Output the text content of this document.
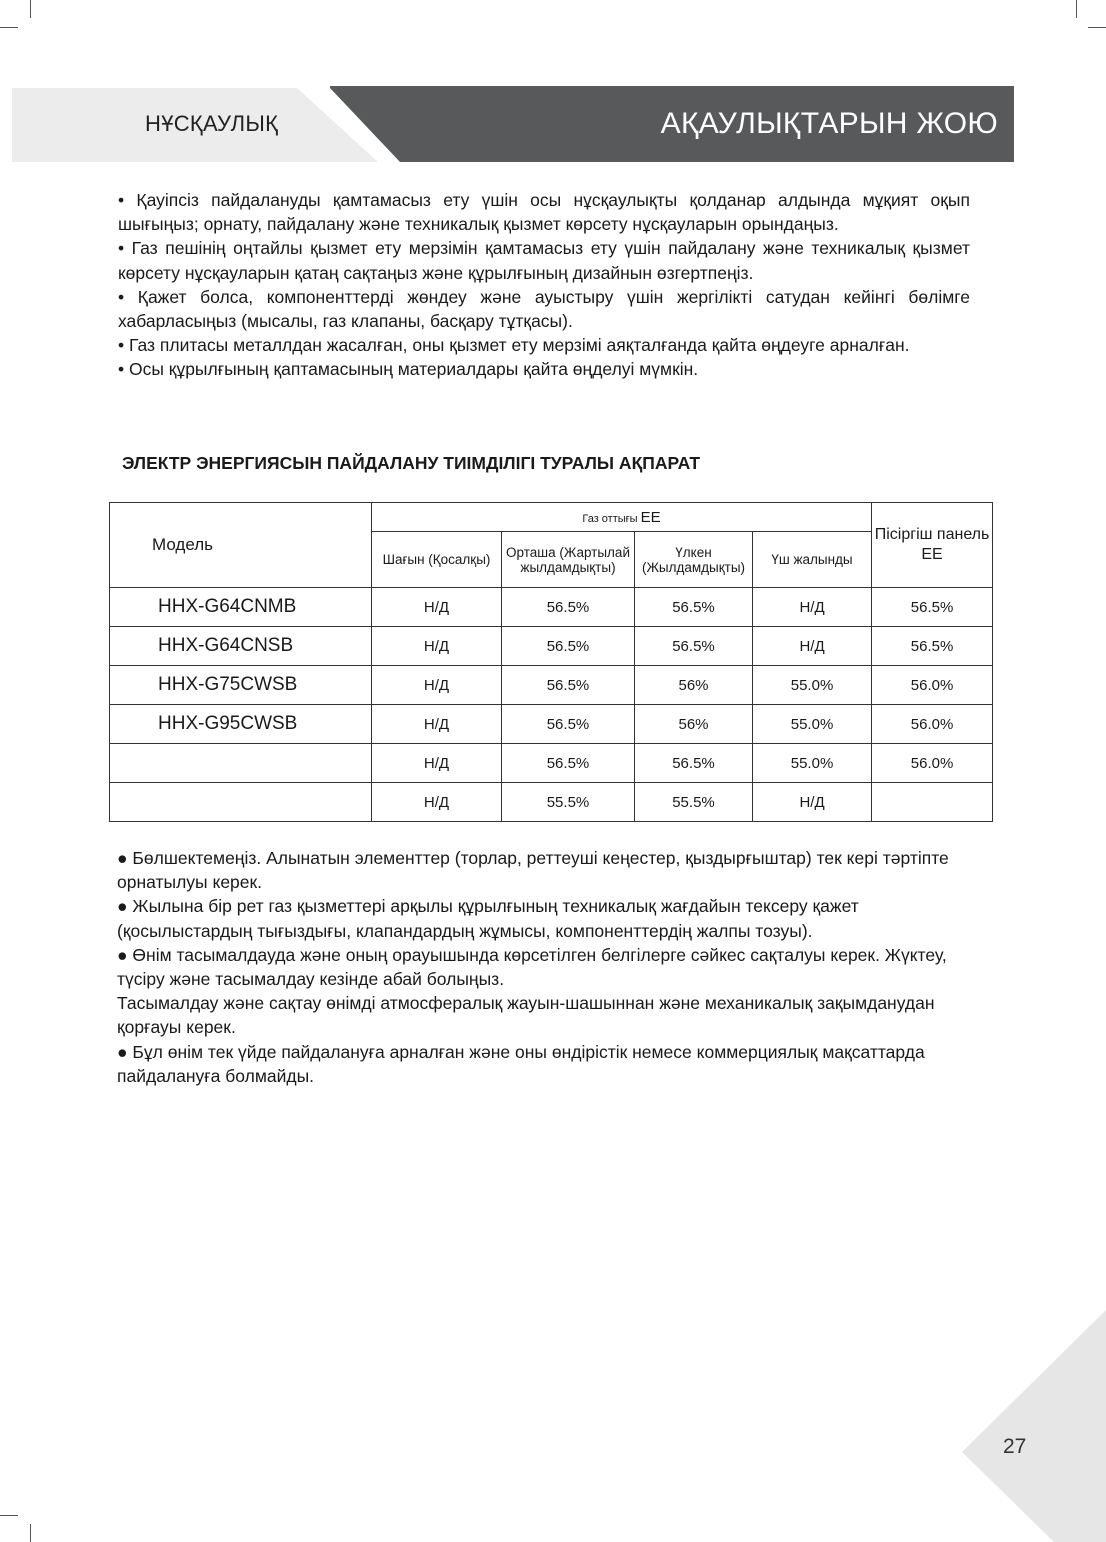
НҰСҚАУЛЫҚ	АҚАУЛЫҚТАРЫН ЖОЮ

• Қауіпсіз пайдалануды қамтамасыз ету үшін осы нұсқаулықты қолданар алдында мұқият оқып шығыңыз; орнату, пайдалану және техникалық қызмет көрсету нұсқауларын орындаңыз.

• Газ пешінің оңтайлы қызмет ету мерзімін қамтамасыз ету үшін пайдалану және техникалық қызмет көрсету нұсқауларын қатаң сақтаңыз және құрылғының дизайнын өзгертпеңіз.

• Қажет болса, компоненттерді жөндеу және ауыстыру үшін жергілікті сатудан кейінгі бөлімге хабарласыңыз (мысалы, газ клапаны, басқару тұтқасы).

• Газ плитасы металлдан жасалған, оны қызмет ету мерзімі аяқталғанда қайта өңдеуге арналған.

• Осы құрылғының қаптамасының материалдары қайта өңделуі мүмкін.

ЭЛЕКТР ЭНЕРГИЯСЫН ПАЙДАЛАНУ ТИІМДІЛІГІ ТУРАЛЫ АҚПАРАТ
Модель	Газ оттығы EE				Пісіргіш панель EE
	Шағын (Қосалқы)	Орташа (Жартылай жылдамдықты)	Үлкен (Жылдамдықты)	Үш жалынды	
HHX-G64CNMB	Н/Д	56.5%	56.5%	Н/Д	56.5%
HHX-G64CNSB	Н/Д	56.5%	56.5%	Н/Д	56.5%
HHX-G75CWSB	Н/Д	56.5%	56%	55.0%	56.0%
HHX-G95CWSB	Н/Д	56.5%	56%	55.0%	56.0%
	Н/Д	56.5%	56.5%	55.0%	56.0%
	Н/Д	55.5%	55.5%	Н/Д	

● Бөлшектемеңіз. Алынатын элементтер (торлар, реттеуші кеңестер, қыздырғыштар) тек кері тәртіпте орнатылуы керек.

● Жылына бір рет газ қызметтері арқылы құрылғының техникалық жағдайын тексеру қажет (қосылыстардың тығыздығы, клапандардың жұмысы, компоненттердің жалпы тозуы).

● Өнім тасымалдауда және оның орауышында көрсетілген белгілерге сәйкес сақталуы керек. Жүктеу, түсіру және тасымалдау кезінде абай болыңыз.

Тасымалдау және сақтау өнімді атмосфералық жауын-шашыннан және механикалық зақымданудан қорғауы керек.

● Бұл өнім тек үйде пайдалануға арналған және оны өндірістік немесе коммерциялық мақсаттарда пайдалануға болмайды.

27
